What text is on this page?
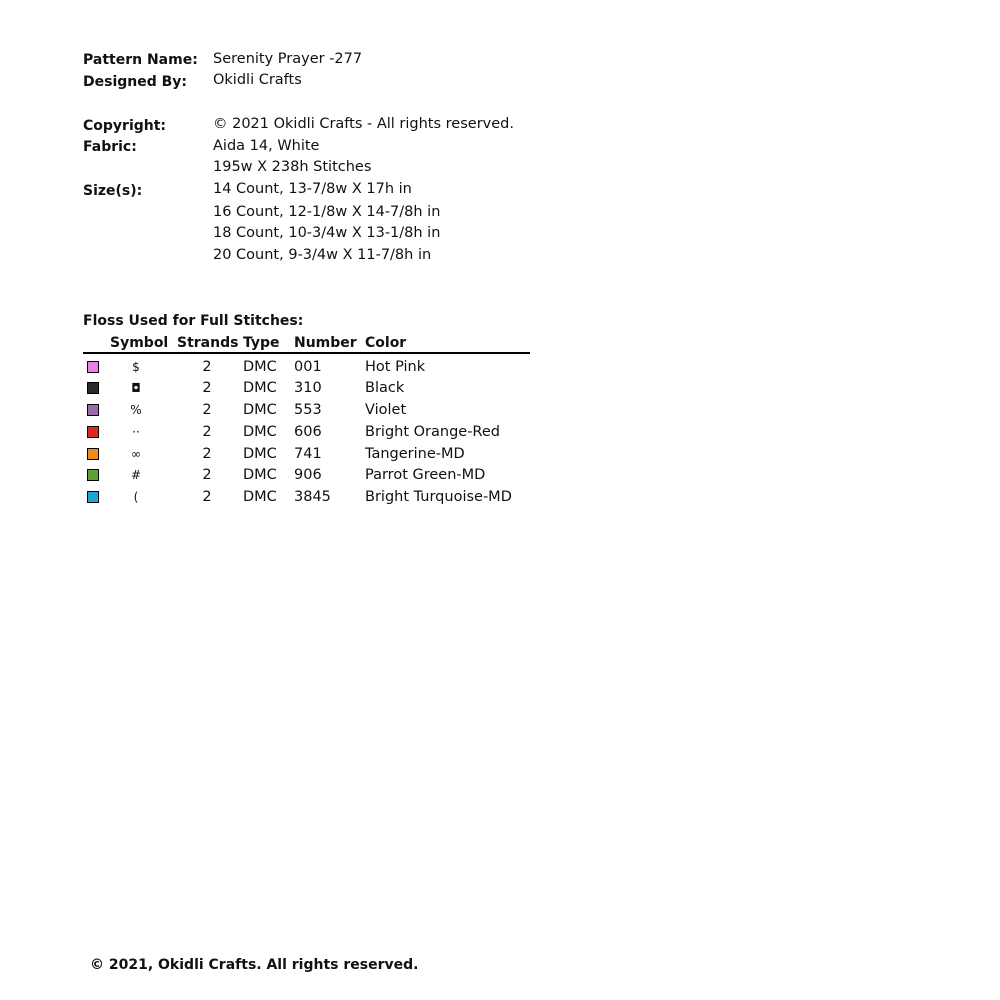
Pattern Name: Serenity Prayer -277
Designed By: Okidli Crafts
Copyright:	© 2021 Okidli Crafts - All rights reserved.
Fabric:	Aida 14, White
195w X 238h Stitches
Size(s):	14 Count, 13-7/8w X 17h in
16 Count, 12-1/8w X 14-7/8h in
18 Count, 10-3/4w X 13-1/8h in
20 Count, 9-3/4w X 11-7/8h in
Floss Used for Full Stitches:
Symbol Strands Type Number Color
$	2	DMC 001	Hot Pink
◘	2	DMC 310	Black
%	2	DMC 553	Violet
··	2	DMC 606	Bright Orange-Red
∞	2	DMC 741	Tangerine-MD
#	2	DMC 906	Parrot Green-MD
(	2	DMC 3845 Bright Turquoise-MD
© 2021, Okidli Crafts. All rights reserved.
